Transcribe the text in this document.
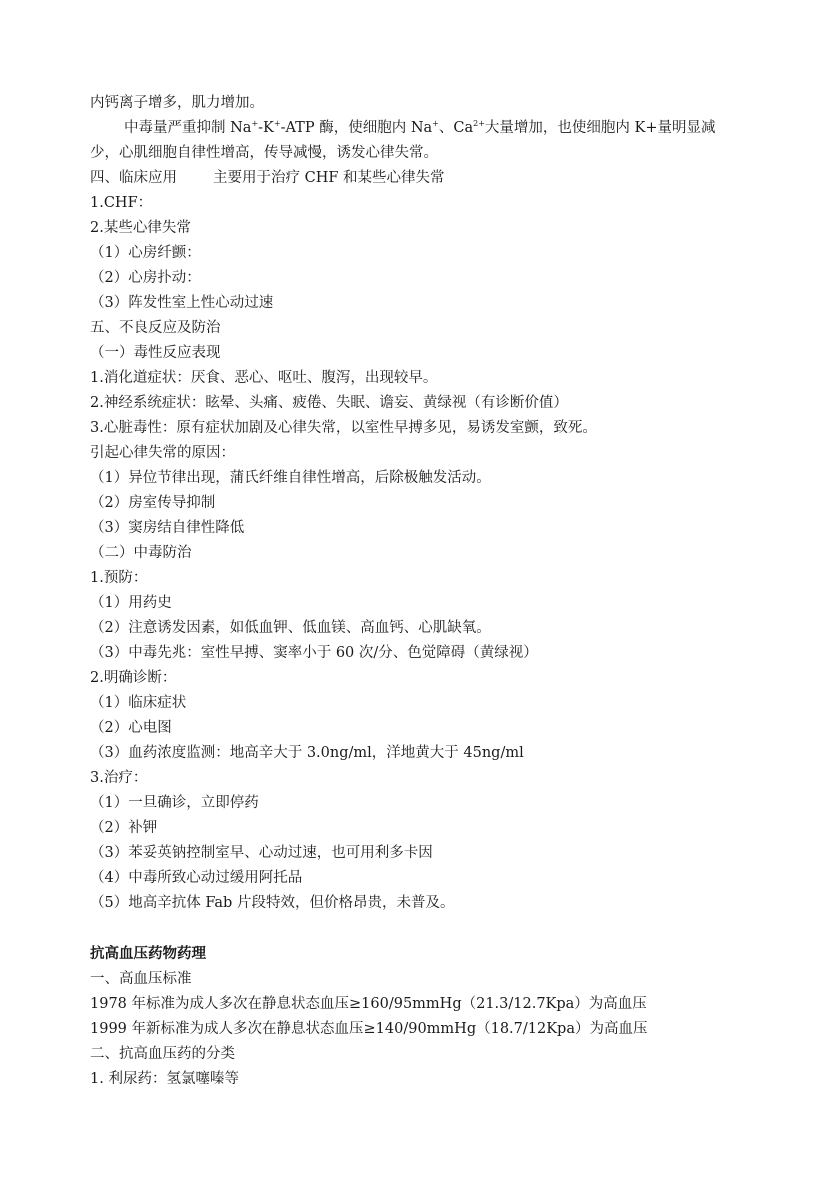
内钙离子增多，肌力增加。
中毒量严重抑制 Na+-K+-ATP 酶，使细胞内 Na+、$Ca^{2+}$大量增加，也使细胞内 K+量明显减
少，心肌细胞自律性增高，传导减慢，诱发心律失常。
四、临床应用 主要用于治疗 CHF 和某些心律失常
1.CHF：
2.某些心律失常
（1）心房纤颤：
（2）心房扑动：
（3）阵发性室上性心动过速
五、不良反应及防治
（一）毒性反应表现
1.消化道症状：厌食、恶心、呕吐、腹泻，出现较早。
2.神经系统症状：眩晕、头痛、疲倦、失眠、谵妄、黄绿视（有诊断价值）
3.心脏毒性：原有症状加剧及心律失常，以室性早搏多见，易诱发室颤，致死。
引起心律失常的原因：
（1）异位节律出现，蒲氏纤维自律性增高，后除极触发活动。
（2）房室传导抑制
（3）窦房结自律性降低
（二）中毒防治
1.预防：
（1）用药史
（2）注意诱发因素，如低血钾、低血镁、高血钙、心肌缺氧。
（3）中毒先兆：室性早搏、窦率小于 60 次/分、色觉障碍（黄绿视）
2.明确诊断：
（1）临床症状
（2）心电图
（3）血药浓度监测：地高辛大于 3.0ng/ml，洋地黄大于 45ng/ml
3.治疗：
（1）一旦确诊，立即停药
（2）补钾
（3）苯妥英钠控制室早、心动过速，也可用利多卡因
（4）中毒所致心动过缓用阿托品
（5）地高辛抗体 Fab 片段特效，但价格昂贵，未普及。
抗高血压药物药理
一、高血压标准
1978 年标准为成人多次在静息状态血压≥160/95mmHg（21.3/12.7Kpa）为高血压
1999 年新标准为成人多次在静息状态血压≥140/90mmHg（18.7/12Kpa）为高血压
二、抗高血压药的分类
1. 利尿药：氢氯噻嗪等
